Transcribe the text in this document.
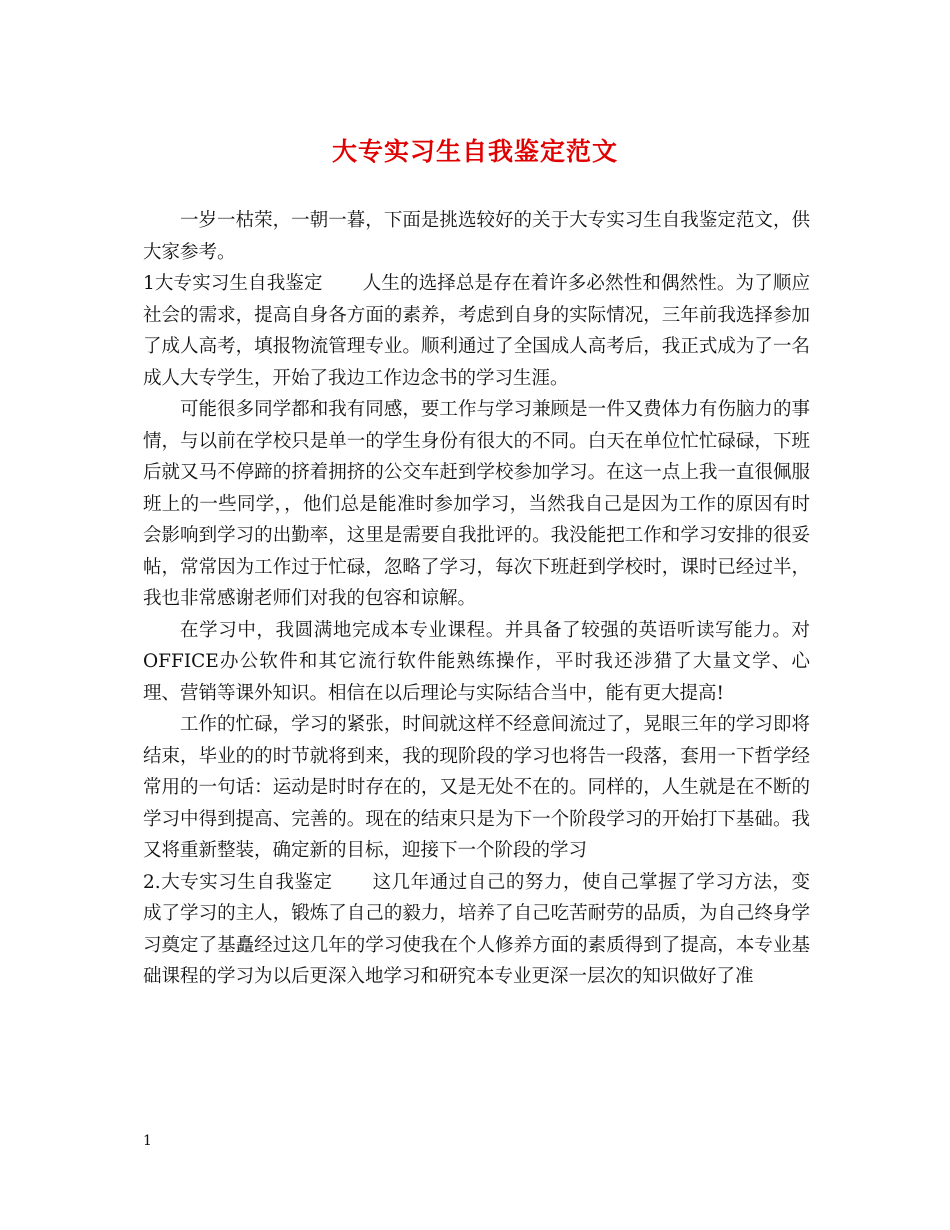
大专实习生自我鉴定范文

一岁一枯荣，一朝一暮，下面是挑选较好的关于大专实习生自我鉴定范文，供大家参考。

1大专实习生自我鉴定 人生的选择总是存在着许多必然性和偶然性。为了顺应社会的需求，提高自身各方面的素养，考虑到自身的实际情况，三年前我选择参加了成人高考，填报物流管理专业。顺利通过了全国成人高考后，我正式成为了一名成人大专学生，开始了我边工作边念书的学习生涯。

可能很多同学都和我有同感，要工作与学习兼顾是一件又费体力有伤脑力的事情，与以前在学校只是单一的学生身份有很大的不同。白天在单位忙忙碌碌，下班后就又马不停蹄的挤着拥挤的公交车赶到学校参加学习。在这一点上我一直很佩服班上的一些同学，，他们总是能准时参加学习，当然我自己是因为工作的原因有时会影响到学习的出勤率，这里是需要自我批评的。我没能把工作和学习安排的很妥帖，常常因为工作过于忙碌，忽略了学习，每次下班赶到学校时，课时已经过半，我也非常感谢老师们对我的包容和谅解。

在学习中，我圆满地完成本专业课程。并具备了较强的英语听读写能力。对OFFICE办公软件和其它流行软件能熟练操作，平时我还涉猎了大量文学、心理、营销等课外知识。相信在以后理论与实际结合当中，能有更大提高!

工作的忙碌，学习的紧张，时间就这样不经意间流过了，晃眼三年的学习即将结束，毕业的的时节就将到来，我的现阶段的学习也将告一段落，套用一下哲学经常用的一句话：运动是时时存在的，又是无处不在的。同样的，人生就是在不断的学习中得到提高、完善的。现在的结束只是为下一个阶段学习的开始打下基础。我又将重新整装，确定新的目标，迎接下一个阶段的学习

2.大专实习生自我鉴定 这几年通过自己的努力，使自己掌握了学习方法，变成了学习的主人，锻炼了自己的毅力，培养了自己吃苦耐劳的品质，为自己终身学习奠定了基矗经过这几年的学习使我在个人修养方面的素质得到了提高，本专业基础课程的学习为以后更深入地学习和研究本专业更深一层次的知识做好了准

1
